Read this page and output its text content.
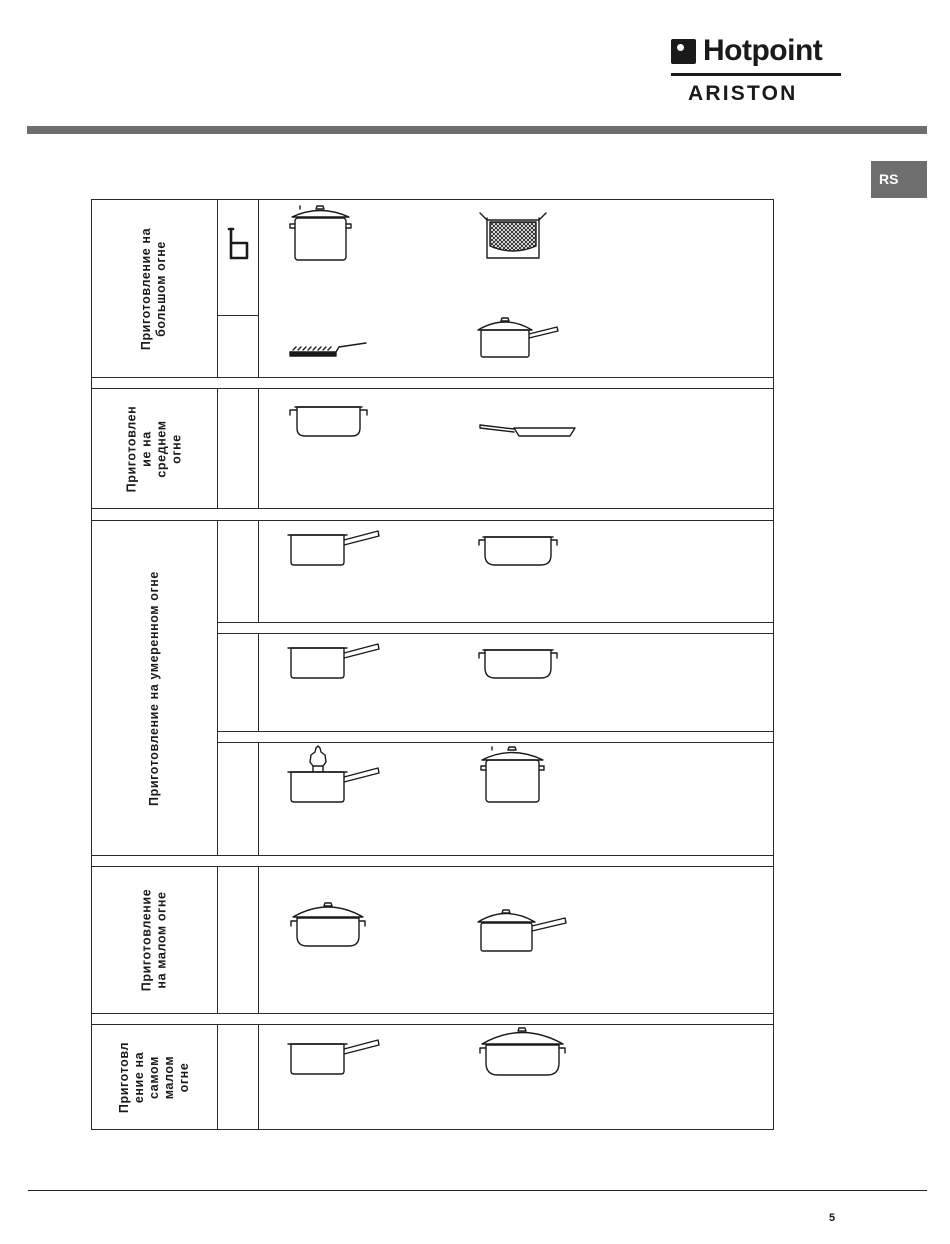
Hotpoint
ARISTON
RS
Приготовление на
большом огне
Приготовлен
ие на
среднем
огне
Приготовление на умеренном огне
Приготовление
на малом огне
Приготовл
ение на
самом
малом
огне
5
